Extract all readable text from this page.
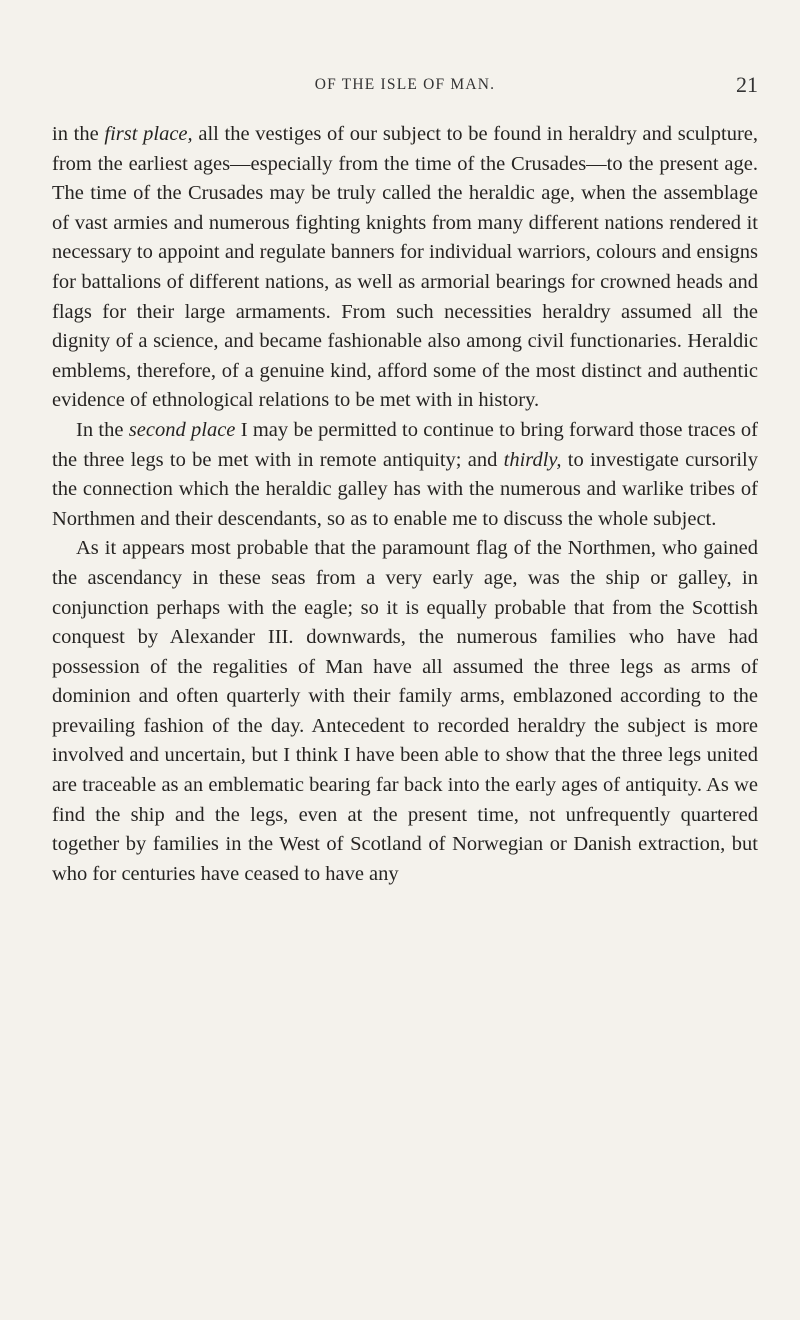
OF THE ISLE OF MAN.	21

in the first place, all the vestiges of our subject to be found in heraldry and sculpture, from the earliest ages—especially from the time of the Crusades—to the present age. The time of the Crusades may be truly called the heraldic age, when the assemblage of vast armies and numerous fighting knights from many different nations rendered it necessary to appoint and regulate banners for individual warriors, colours and ensigns for battalions of different nations, as well as armorial bearings for crowned heads and flags for their large armaments. From such necessities heraldry assumed all the dignity of a science, and became fashionable also among civil functionaries. Heraldic emblems, therefore, of a genuine kind, afford some of the most distinct and authentic evidence of ethnological relations to be met with in history.

In the second place I may be permitted to continue to bring forward those traces of the three legs to be met with in remote antiquity; and thirdly, to investigate cursorily the connection which the heraldic galley has with the numerous and warlike tribes of Northmen and their descendants, so as to enable me to discuss the whole subject.

As it appears most probable that the paramount flag of the Northmen, who gained the ascendancy in these seas from a very early age, was the ship or galley, in conjunction perhaps with the eagle; so it is equally probable that from the Scottish conquest by Alexander III. downwards, the numerous families who have had possession of the regalities of Man have all assumed the three legs as arms of dominion and often quarterly with their family arms, emblazoned according to the prevailing fashion of the day. Antecedent to recorded heraldry the subject is more involved and uncertain, but I think I have been able to show that the three legs united are traceable as an emblematic bearing far back into the early ages of antiquity. As we find the ship and the legs, even at the present time, not unfrequently quartered together by families in the West of Scotland of Norwegian or Danish extraction, but who for centuries have ceased to have any
